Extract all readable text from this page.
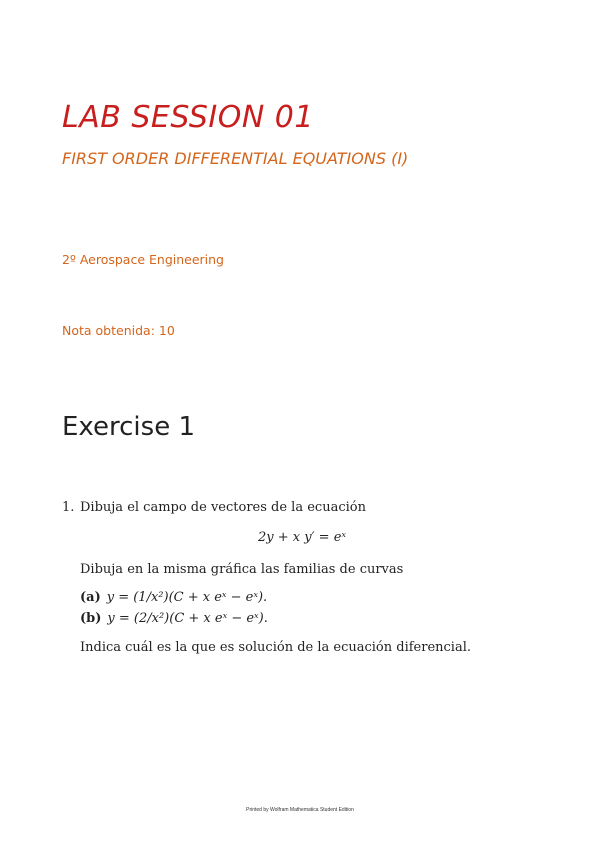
LAB SESSION 01
FIRST ORDER DIFFERENTIAL EQUATIONS (I)

2º Aerospace Engineering

Nota obtenida: 10

Exercise 1
1. Dibuja el campo de vectores de la ecuación
2y + x y′ = eˣ
Dibuja en la misma gráfica las familias de curvas
(a) y = (1/x²)(C + x eˣ − eˣ).
(b) y = (2/x²)(C + x eˣ − eˣ).
Indica cuál es la que es solución de la ecuación diferencial.
Printed by Wolfram Mathematica Student Edition
